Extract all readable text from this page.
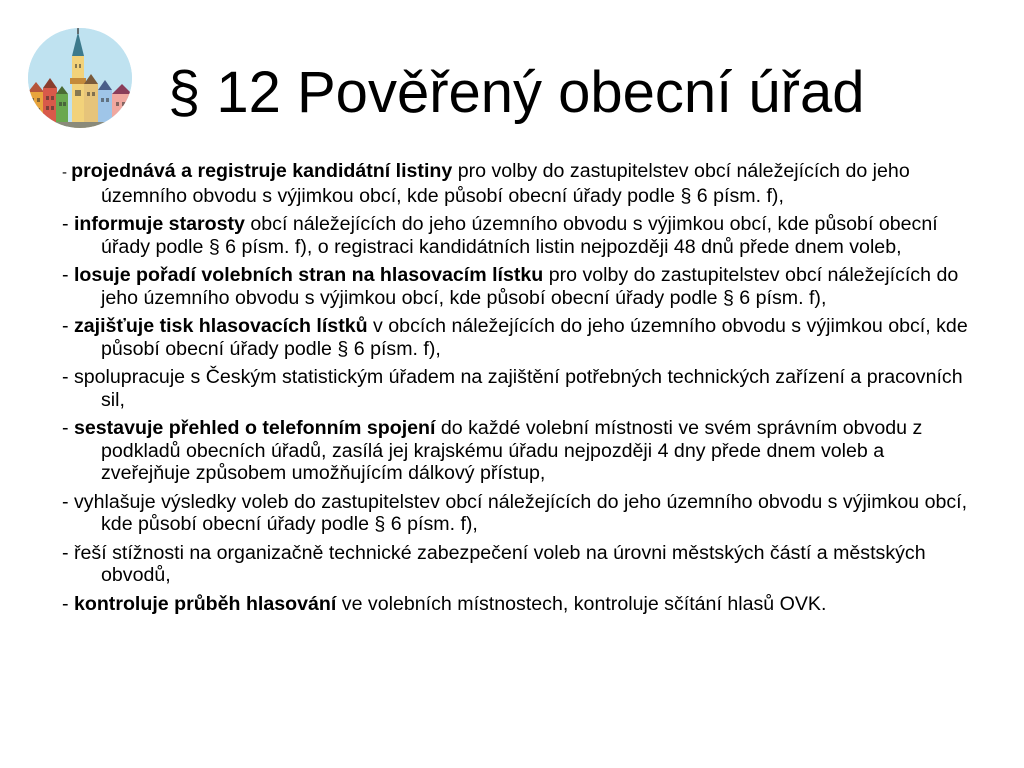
§ 12 Pověřený obecní úřad
- projednává a registruje kandidátní listiny pro volby do zastupitelstev obcí náležejících do jeho územního obvodu s výjimkou obcí, kde působí obecní úřady podle § 6 písm. f),
- informuje starosty obcí náležejících do jeho územního obvodu s výjimkou obcí, kde působí obecní úřady podle § 6 písm. f), o registraci kandidátních listin nejpozději 48 dnů přede dnem voleb,
- losuje pořadí volebních stran na hlasovacím lístku pro volby do zastupitelstev obcí náležejících do jeho územního obvodu s výjimkou obcí, kde působí obecní úřady podle § 6 písm. f),
- zajišťuje tisk hlasovacích lístků v obcích náležejících do jeho územního obvodu s výjimkou obcí, kde působí obecní úřady podle § 6 písm. f),
- spolupracuje s Českým statistickým úřadem na zajištění potřebných technických zařízení a pracovních sil,
- sestavuje přehled o telefonním spojení do každé volební místnosti ve svém správním obvodu z podkladů obecních úřadů, zasílá jej krajskému úřadu nejpozději 4 dny přede dnem voleb a zveřejňuje způsobem umožňujícím dálkový přístup,
- vyhlašuje výsledky voleb do zastupitelstev obcí náležejících do jeho územního obvodu s výjimkou obcí, kde působí obecní úřady podle § 6 písm. f),
- řeší stížnosti na organizačně technické zabezpečení voleb na úrovni městských částí a městských obvodů,
- kontroluje průběh hlasování ve volebních místnostech, kontroluje sčítání hlasů OVK.
